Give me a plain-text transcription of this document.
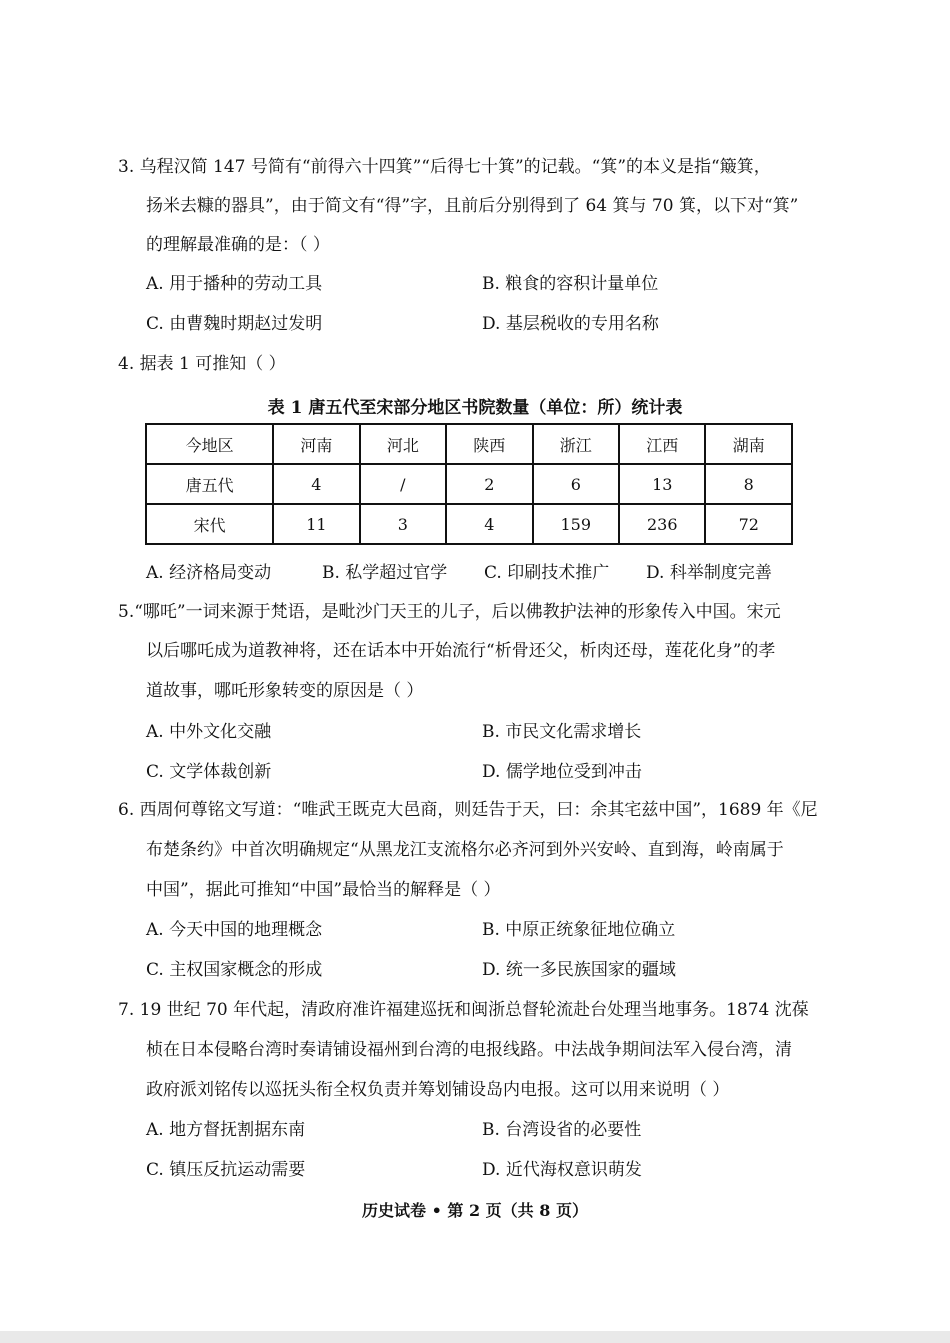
3. 乌程汉简 147 号简有“前得六十四箕”“后得七十箕”的记载。“箕”的本义是指“簸箕，
扬米去糠的器具”，由于简文有“得”字，且前后分别得到了 64 箕与 70 箕，以下对“箕”
的理解最准确的是：（ ）
A. 用于播种的劳动工具	B. 粮食的容积计量单位
C. 由曹魏时期赵过发明	D. 基层税收的专用名称
4. 据表 1 可推知（ ）
表 1 唐五代至宋部分地区书院数量（单位：所）统计表
今地区	河南	河北	陕西	浙江	江西	湖南
唐五代	4	/	2	6	13	8
宋代	11	3	4	159	236	72
A. 经济格局变动	B. 私学超过官学 C. 印刷技术推广 D. 科举制度完善
5.“哪吒”一词来源于梵语，是毗沙门天王的儿子，后以佛教护法神的形象传入中国。宋元
以后哪吒成为道教神将，还在话本中开始流行“析骨还父，析肉还母，莲花化身”的孝
道故事，哪吒形象转变的原因是（ ）
A. 中外文化交融	B. 市民文化需求增长
C. 文学体裁创新	D. 儒学地位受到冲击
6. 西周何尊铭文写道：“唯武王既克大邑商，则廷告于天，曰：余其宅兹中国”，1689 年《尼
布楚条约》中首次明确规定“从黑龙江支流格尔必齐河到外兴安岭、直到海，岭南属于
中国”，据此可推知“中国”最恰当的解释是（ ）
A. 今天中国的地理概念	B. 中原正统象征地位确立
C. 主权国家概念的形成	D. 统一多民族国家的疆域
7. 19 世纪 70 年代起，清政府准许福建巡抚和闽浙总督轮流赴台处理当地事务。1874 沈葆
桢在日本侵略台湾时奏请铺设福州到台湾的电报线路。中法战争期间法军入侵台湾，清
政府派刘铭传以巡抚头衔全权负责并筹划铺设岛内电报。这可以用来说明（ ）
A. 地方督抚割据东南	B. 台湾设省的必要性
C. 镇压反抗运动需要	D. 近代海权意识萌发
历史试卷 • 第 2 页（共 8 页）
